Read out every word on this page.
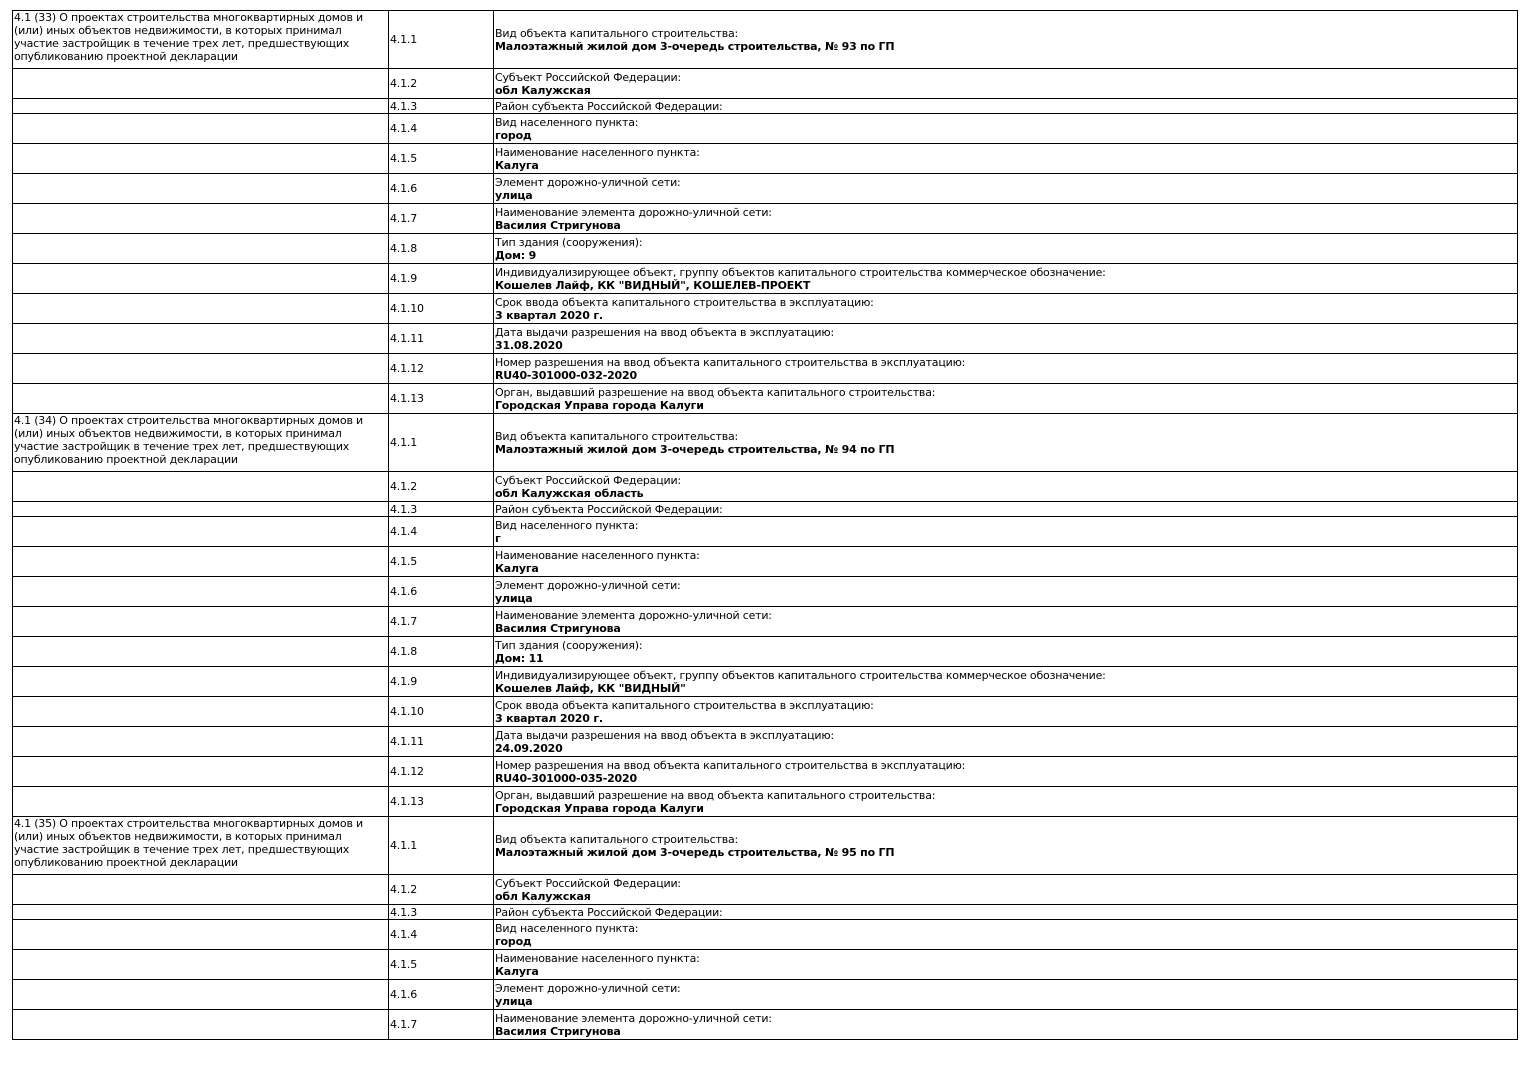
4.1 (33) О проектах строительства многоквартирных домов и (или) иных объектов недвижимости, в которых принимал участие застройщик в течение трех лет, предшествующих опубликованию проектной декларации	4.1.1	Вид объекта капитального строительства:
Малоэтажный жилой дом 3-очередь строительства, № 93 по ГП

	4.1.2	Субъект Российской Федерации:
обл Калужская

	4.1.3	Район субъекта Российской Федерации:

	4.1.4	Вид населенного пункта:
город

	4.1.5	Наименование населенного пункта:
Калуга

	4.1.6	Элемент дорожно-уличной сети:
улица

	4.1.7	Наименование элемента дорожно-уличной сети:
Василия Стригунова

	4.1.8	Тип здания (сооружения):
Дом: 9

	4.1.9	Индивидуализирующее объект, группу объектов капитального строительства коммерческое обозначение:
Кошелев Лайф, КК "ВИДНЫЙ", КОШЕЛЕВ-ПРОЕКТ

	4.1.10	Срок ввода объекта капитального строительства в эксплуатацию:
3 квартал 2020 г.

	4.1.11	Дата выдачи разрешения на ввод объекта в эксплуатацию:
31.08.2020

	4.1.12	Номер разрешения на ввод объекта капитального строительства в эксплуатацию:
RU40-301000-032-2020

	4.1.13	Орган, выдавший разрешение на ввод объекта капитального строительства:
Городская Управа города Калуги

4.1 (34) О проектах строительства многоквартирных домов и (или) иных объектов недвижимости, в которых принимал участие застройщик в течение трех лет, предшествующих опубликованию проектной декларации	4.1.1	Вид объекта капитального строительства:
Малоэтажный жилой дом 3-очередь строительства, № 94 по ГП

	4.1.2	Субъект Российской Федерации:
обл Калужская область

	4.1.3	Район субъекта Российской Федерации:

	4.1.4	Вид населенного пункта:
г

	4.1.5	Наименование населенного пункта:
Калуга

	4.1.6	Элемент дорожно-уличной сети:
улица

	4.1.7	Наименование элемента дорожно-уличной сети:
Василия Стригунова

	4.1.8	Тип здания (сооружения):
Дом: 11

	4.1.9	Индивидуализирующее объект, группу объектов капитального строительства коммерческое обозначение:
Кошелев Лайф, КК "ВИДНЫЙ"

	4.1.10	Срок ввода объекта капитального строительства в эксплуатацию:
3 квартал 2020 г.

	4.1.11	Дата выдачи разрешения на ввод объекта в эксплуатацию:
24.09.2020

	4.1.12	Номер разрешения на ввод объекта капитального строительства в эксплуатацию:
RU40-301000-035-2020

	4.1.13	Орган, выдавший разрешение на ввод объекта капитального строительства:
Городская Управа города Калуги

4.1 (35) О проектах строительства многоквартирных домов и (или) иных объектов недвижимости, в которых принимал участие застройщик в течение трех лет, предшествующих опубликованию проектной декларации	4.1.1	Вид объекта капитального строительства:
Малоэтажный жилой дом 3-очередь строительства, № 95 по ГП

	4.1.2	Субъект Российской Федерации:
обл Калужская

	4.1.3	Район субъекта Российской Федерации:

	4.1.4	Вид населенного пункта:
город

	4.1.5	Наименование населенного пункта:
Калуга

	4.1.6	Элемент дорожно-уличной сети:
улица

	4.1.7	Наименование элемента дорожно-уличной сети:
Василия Стригунова
